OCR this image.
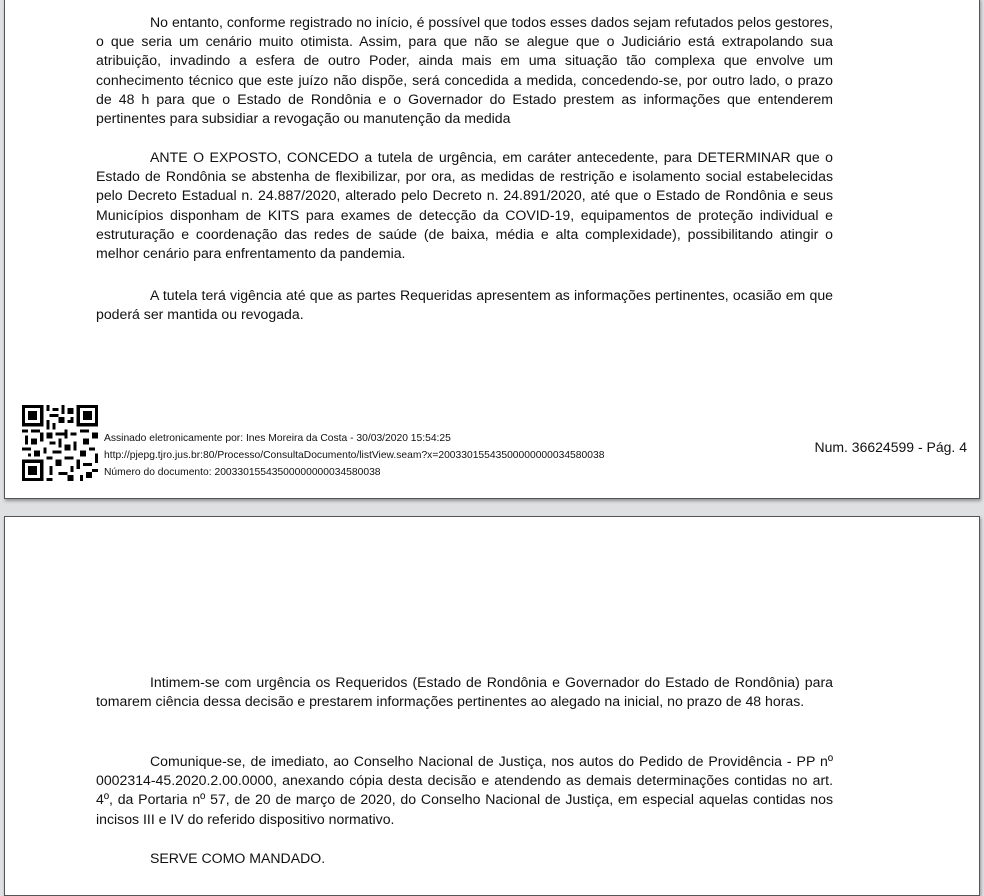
No entanto, conforme registrado no início, é possível que todos esses dados sejam refutados pelos gestores, o que seria um cenário muito otimista. Assim, para que não se alegue que o Judiciário está extrapolando sua atribuição, invadindo a esfera de outro Poder, ainda mais em uma situação tão complexa que envolve um conhecimento técnico que este juízo não dispõe, será concedida a medida, concedendo-se, por outro lado, o prazo de 48 h para que o Estado de Rondônia e o Governador do Estado prestem as informações que entenderem pertinentes para subsidiar a revogação ou manutenção da medida

ANTE O EXPOSTO, CONCEDO a tutela de urgência, em caráter antecedente, para DETERMINAR que o Estado de Rondônia se abstenha de flexibilizar, por ora, as medidas de restrição e isolamento social estabelecidas pelo Decreto Estadual n. 24.887/2020, alterado pelo Decreto n. 24.891/2020, até que o Estado de Rondônia e seus Municípios disponham de KITS para exames de detecção da COVID-19, equipamentos de proteção individual e estruturação e coordenação das redes de saúde (de baixa, média e alta complexidade), possibilitando atingir o melhor cenário para enfrentamento da pandemia.

A tutela terá vigência até que as partes Requeridas apresentem as informações pertinentes, ocasião em que poderá ser mantida ou revogada.

Assinado eletronicamente por: Ines Moreira da Costa - 30/03/2020 15:54:25
http://pjepg.tjro.jus.br:80/Processo/ConsultaDocumento/listView.seam?x=20033015543500000000034580038
Número do documento: 20033015543500000000034580038
Num. 36624599 - Pág. 4

Intimem-se com urgência os Requeridos (Estado de Rondônia e Governador do Estado de Rondônia) para tomarem ciência dessa decisão e prestarem informações pertinentes ao alegado na inicial, no prazo de 48 horas.

Comunique-se, de imediato, ao Conselho Nacional de Justiça, nos autos do Pedido de Providência - PP nº 0002314-45.2020.2.00.0000, anexando cópia desta decisão e atendendo as demais determinações contidas no art. 4º, da Portaria nº 57, de 20 de março de 2020, do Conselho Nacional de Justiça, em especial aquelas contidas nos incisos III e IV do referido dispositivo normativo.

SERVE COMO MANDADO.
